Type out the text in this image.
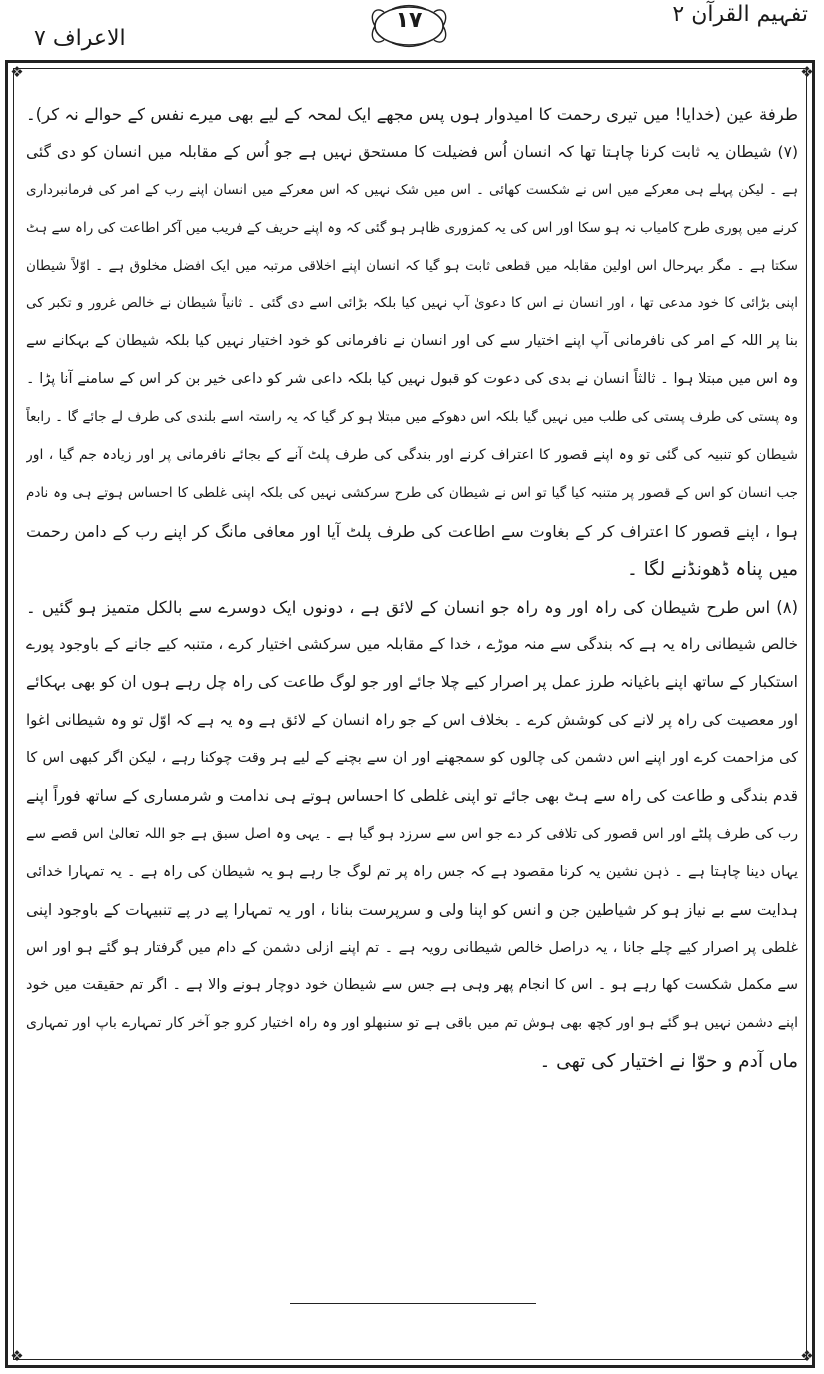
تفہیم القرآن ۲
۱۷
الاعراف ۷
❖	❖
❖	❖
طرفة عين (خدایا! میں تیری رحمت کا امیدوار ہوں پس مجھے ایک لمحہ کے لیے بھی میرے نفس کے حوالے نہ کر)۔
(۷) شیطان یہ ثابت کرنا چاہتا تھا کہ انسان اُس فضیلت کا مستحق نہیں ہے جو اُس کے مقابلہ میں انسان کو دی گئی
ہے ۔ لیکن پہلے ہی معرکے میں اس نے شکست کھائی ۔ اس میں شک نہیں کہ اس معرکے میں انسان اپنے رب کے امر کی فرمانبرداری
کرنے میں پوری طرح کامیاب نہ ہو سکا اور اس کی یہ کمزوری ظاہر ہو گئی کہ وہ اپنے حریف کے فریب میں آکر اطاعت کی راہ سے ہٹ
سکتا ہے ۔ مگر بہرحال اس اولین مقابلہ میں قطعی ثابت ہو گیا کہ انسان اپنے اخلاقی مرتبہ میں ایک افضل مخلوق ہے ۔ اوّلاً شیطان
اپنی بڑائی کا خود مدعی تھا ، اور انسان نے اس کا دعویٰ آپ نہیں کیا بلکہ بڑائی اسے دی گئی ۔ ثانیاً شیطان نے خالص غرور و تکبر کی
بنا پر اللہ کے امر کی نافرمانی آپ اپنے اختیار سے کی اور انسان نے نافرمانی کو خود اختیار نہیں کیا بلکہ شیطان کے بہکانے سے
وہ اس میں مبتلا ہوا ۔ ثالثاً انسان نے بدی کی دعوت کو قبول نہیں کیا بلکہ داعی شر کو داعی خیر بن کر اس کے سامنے آنا پڑا ۔
وہ پستی کی طرف پستی کی طلب میں نہیں گیا بلکہ اس دھوکے میں مبتلا ہو کر گیا کہ یہ راستہ اسے بلندی کی طرف لے جائے گا ۔ رابعاً
شیطان کو تنبیہ کی گئی تو وہ اپنے قصور کا اعتراف کرنے اور بندگی کی طرف پلٹ آنے کے بجائے نافرمانی پر اور زیادہ جم گیا ، اور
جب انسان کو اس کے قصور پر متنبہ کیا گیا تو اس نے شیطان کی طرح سرکشی نہیں کی بلکہ اپنی غلطی کا احساس ہوتے ہی وہ نادم
ہوا ، اپنے قصور کا اعتراف کر کے بغاوت سے اطاعت کی طرف پلٹ آیا اور معافی مانگ کر اپنے رب کے دامن رحمت
میں پناہ ڈھونڈنے لگا ۔
(۸) اس طرح شیطان کی راہ اور وہ راہ جو انسان کے لائق ہے ، دونوں ایک دوسرے سے بالکل متمیز ہو گئیں ۔
خالص شیطانی راہ یہ ہے کہ بندگی سے منہ موڑے ، خدا کے مقابلہ میں سرکشی اختیار کرے ، متنبہ کیے جانے کے باوجود پورے
استکبار کے ساتھ اپنے باغیانہ طرز عمل پر اصرار کیے چلا جائے اور جو لوگ طاعت کی راہ چل رہے ہوں ان کو بھی بہکائے
اور معصیت کی راہ پر لانے کی کوشش کرے ۔ بخلاف اس کے جو راہ انسان کے لائق ہے وہ یہ ہے کہ اوّل تو وہ شیطانی اغوا
کی مزاحمت کرے اور اپنے اس دشمن کی چالوں کو سمجھنے اور ان سے بچنے کے لیے ہر وقت چوکنا رہے ، لیکن اگر کبھی اس کا
قدم بندگی و طاعت کی راہ سے ہٹ بھی جائے تو اپنی غلطی کا احساس ہوتے ہی ندامت و شرمساری کے ساتھ فوراً اپنے
رب کی طرف پلٹے اور اس قصور کی تلافی کر دے جو اس سے سرزد ہو گیا ہے ۔ یہی وہ اصل سبق ہے جو اللہ تعالیٰ اس قصے سے
یہاں دینا چاہتا ہے ۔ ذہن نشین یہ کرنا مقصود ہے کہ جس راہ پر تم لوگ جا رہے ہو یہ شیطان کی راہ ہے ۔ یہ تمہارا خدائی
ہدایت سے بے نیاز ہو کر شیاطین جن و انس کو اپنا ولی و سرپرست بنانا ، اور یہ تمہارا پے در پے تنبیہات کے باوجود اپنی
غلطی پر اصرار کیے چلے جانا ، یہ دراصل خالص شیطانی رویہ ہے ۔ تم اپنے ازلی دشمن کے دام میں گرفتار ہو گئے ہو اور اس
سے مکمل شکست کھا رہے ہو ۔ اس کا انجام پھر وہی ہے جس سے شیطان خود دوچار ہونے والا ہے ۔ اگر تم حقیقت میں خود
اپنے دشمن نہیں ہو گئے ہو اور کچھ بھی ہوش تم میں باقی ہے تو سنبھلو اور وہ راہ اختیار کرو جو آخر کار تمہارے باپ اور تمہاری
ماں آدم و حوّا نے اختیار کی تھی ۔
